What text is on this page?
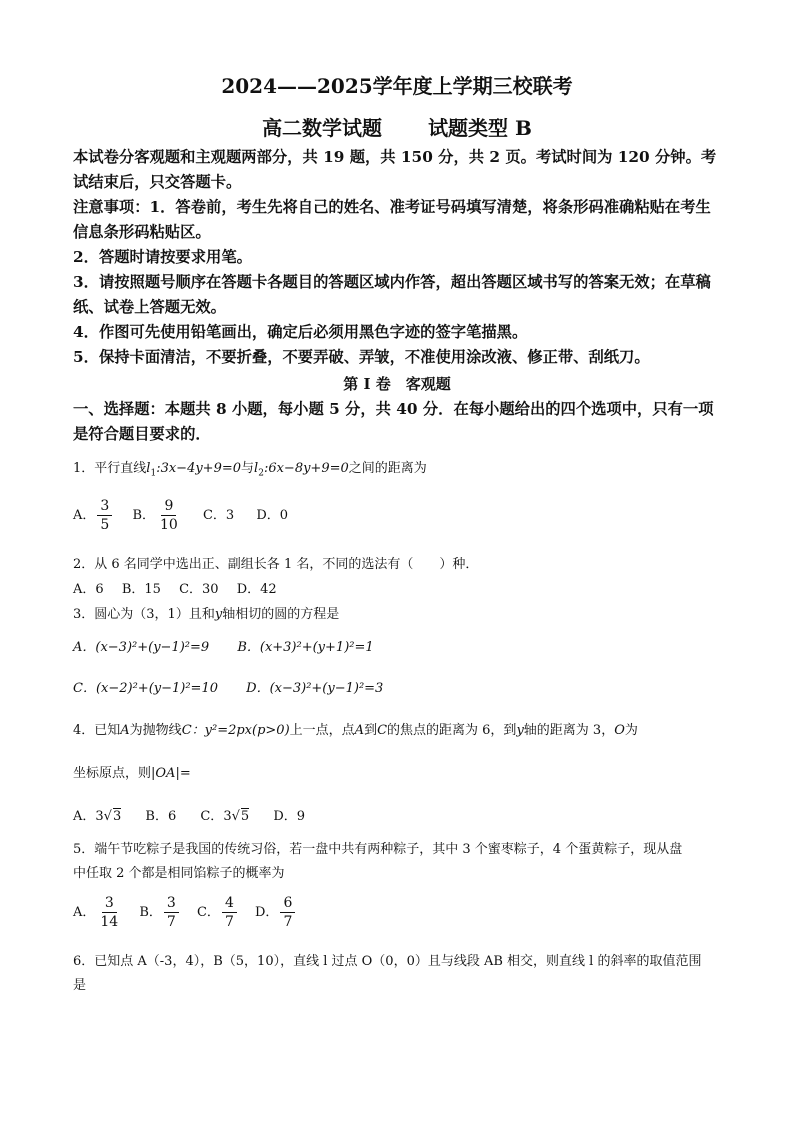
2024——2025学年度上学期三校联考
高二数学试题 试题类型 B
本试卷分客观题和主观题两部分，共 19 题，共 150 分，共 2 页。考试时间为 120 分钟。考试结束后，只交答题卡。
注意事项：1．答卷前，考生先将自己的姓名、准考证号码填写清楚，将条形码准确粘贴在考生信息条形码粘贴区。
2．答题时请按要求用笔。
3．请按照题号顺序在答题卡各题目的答题区域内作答，超出答题区域书写的答案无效；在草稿纸、试卷上答题无效。
4．作图可先使用铅笔画出，确定后必须用黑色字迹的签字笔描黑。
5．保持卡面清洁，不要折叠，不要弄破、弄皱，不准使用涂改液、修正带、刮纸刀。
第 I 卷　客观题
一、选择题：本题共 8 小题，每小题 5 分，共 40 分．在每小题给出的四个选项中，只有一项
是符合题目要求的．
1．平行直线$l_1:3x-4y+9=0$与$l_2:6x-8y+9=0$之间的距离为
A． $\frac{3}{5}$ B． $\frac{9}{10}$ C．3 D．0
2．从 6 名同学中选出正、副组长各 1 名，不同的选法有（　　）种．
A．6 B．15 C．30 D．42
3．圆心为（3，1）且和y轴相切的圆的方程是
A．(x−3)²+(y−1)²=9 B．(x+3)²+(y+1)²=1
C．(x−2)²+(y−1)²=10 D．(x−3)²+(y−1)²=3
4．已知A为抛物线C：y²=2px(p>0)上一点，点A到C的焦点的距离为 6，到y轴的距离为 3，O为
坐标原点，则|OA|=
A．3√3 B．6 C．3√5 D．9
5．端午节吃粽子是我国的传统习俗，若一盘中共有两种粽子，其中 3 个蜜枣粽子，4 个蛋黄粽子，现从盘
中任取 2 个都是相同馅粽子的概率为
A． $\frac{3}{14}$ B． $\frac{3}{7}$ C． $\frac{4}{7}$ D． $\frac{6}{7}$
6．已知点 A（-3，4），B（5，10），直线 l 过点 O（0，0）且与线段 AB 相交，则直线 l 的斜率的取值范围
是
